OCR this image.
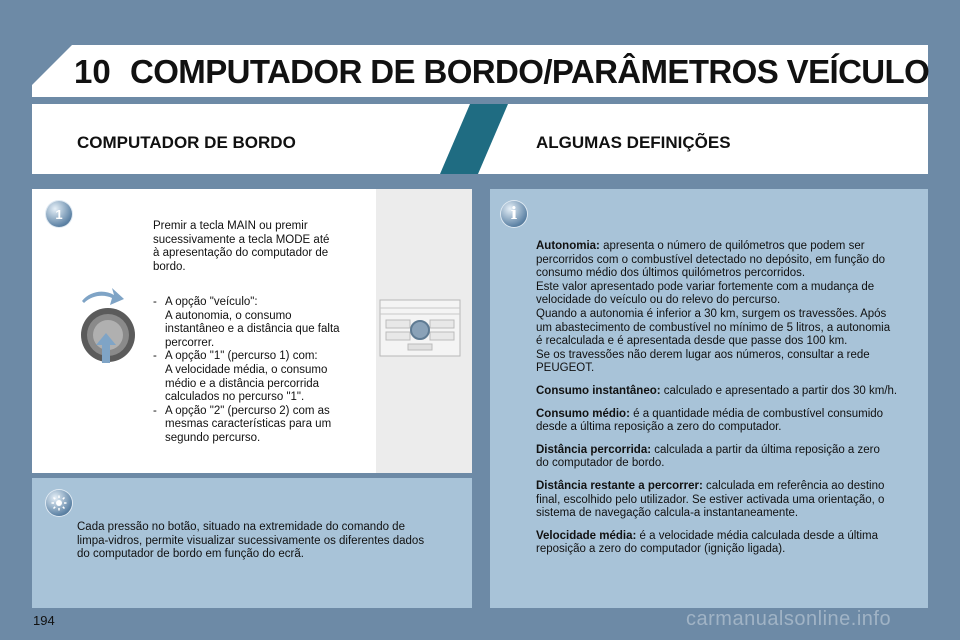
10 COMPUTADOR DE BORDO/PARÂMETROS VEÍCULO
COMPUTADOR DE BORDO	ALGUMAS DEFINIÇÕES
1
Premir a tecla MAIN ou premir
sucessivamente a tecla MODE até
à apresentação do computador de
bordo.
- A opção "veículo":
A autonomia, o consumo
instantâneo e a distância que falta
percorrer.
- A opção "1" (percurso 1) com:
A velocidade média, o consumo
médio e a distância percorrida
calculados no percurso "1".
- A opção "2" (percurso 2) com as
mesmas características para um
segundo percurso.
Cada pressão no botão, situado na extremidade do comando de
limpa-vidros, permite visualizar sucessivamente os diferentes dados
do computador de bordo em função do ecrã.
i

Autonomia: apresenta o número de quilómetros que podem ser
percorridos com o combustível detectado no depósito, em função do
consumo médio dos últimos quilómetros percorridos.
Este valor apresentado pode variar fortemente com a mudança de
velocidade do veículo ou do relevo do percurso.
Quando a autonomia é inferior a 30 km, surgem os travessões. Após
um abastecimento de combustível no mínimo de 5 litros, a autonomia
é recalculada e é apresentada desde que passe dos 100 km.
Se os travessões não derem lugar aos números, consultar a rede
PEUGEOT.

Consumo instantâneo: calculado e apresentado a partir dos 30 km/h.

Consumo médio: é a quantidade média de combustível consumido
desde a última reposição a zero do computador.

Distância percorrida: calculada a partir da última reposição a zero
do computador de bordo.

Distância restante a percorrer: calculada em referência ao destino
final, escolhido pelo utilizador. Se estiver activada uma orientação, o
sistema de navegação calcula-a instantaneamente.

Velocidade média: é a velocidade média calculada desde a última
reposição a zero do computador (ignição ligada).

194	carmanualsonline.info
